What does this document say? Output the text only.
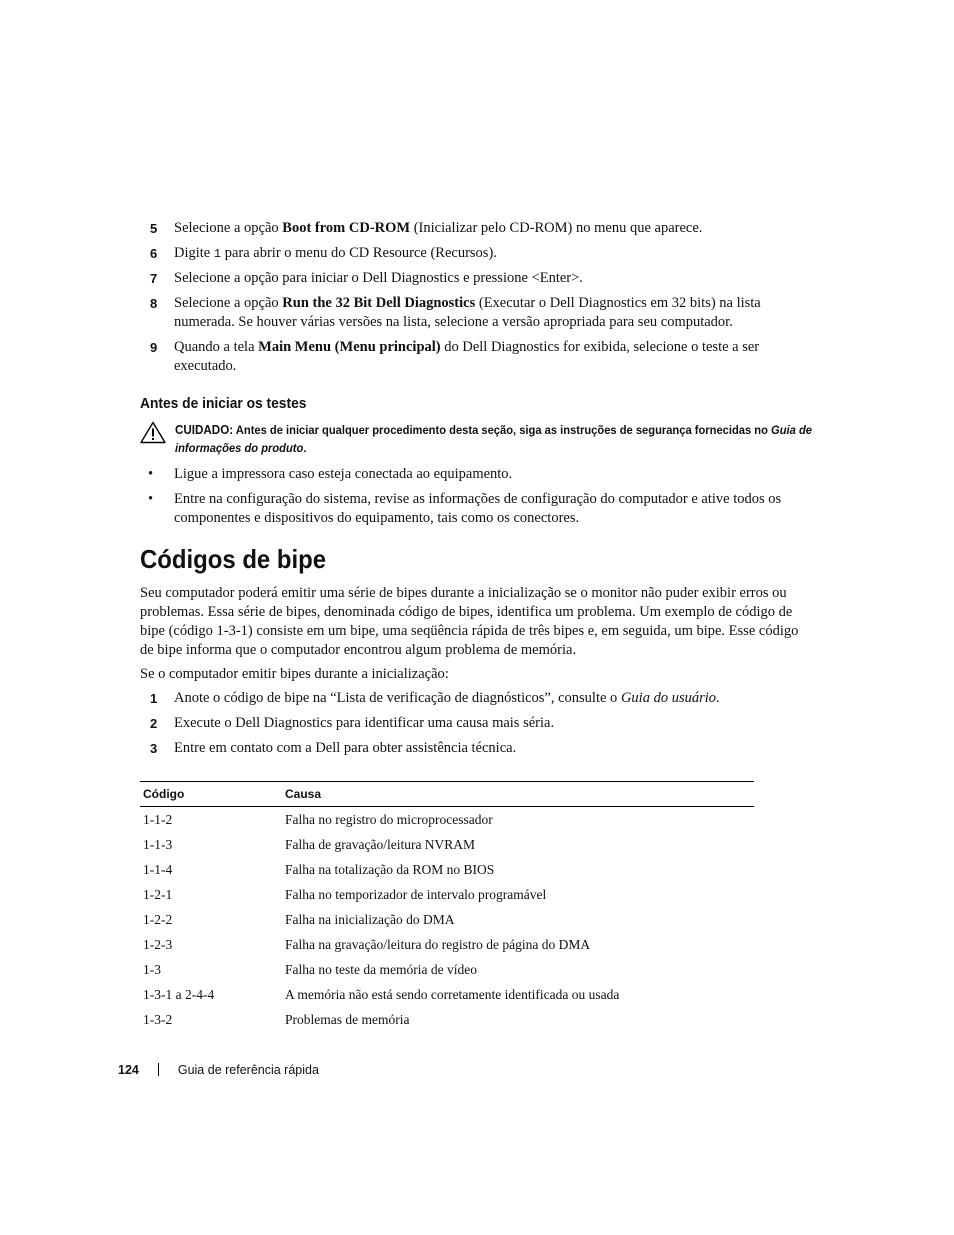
5 Selecione a opção Boot from CD-ROM (Inicializar pelo CD-ROM) no menu que aparece.
6 Digite 1 para abrir o menu do CD Resource (Recursos).
7 Selecione a opção para iniciar o Dell Diagnostics e pressione <Enter>.
8 Selecione a opção Run the 32 Bit Dell Diagnostics (Executar o Dell Diagnostics em 32 bits) na lista numerada. Se houver várias versões na lista, selecione a versão apropriada para seu computador.
9 Quando a tela Main Menu (Menu principal) do Dell Diagnostics for exibida, selecione o teste a ser executado.
Antes de iniciar os testes
CUIDADO: Antes de iniciar qualquer procedimento desta seção, siga as instruções de segurança fornecidas no Guia de informações do produto.
• Ligue a impressora caso esteja conectada ao equipamento.
• Entre na configuração do sistema, revise as informações de configuração do computador e ative todos os componentes e dispositivos do equipamento, tais como os conectores.
Códigos de bipe
Seu computador poderá emitir uma série de bipes durante a inicialização se o monitor não puder exibir erros ou problemas. Essa série de bipes, denominada código de bipes, identifica um problema. Um exemplo de código de bipe (código 1-3-1) consiste em um bipe, uma seqüência rápida de três bipes e, em seguida, um bipe. Esse código de bipe informa que o computador encontrou algum problema de memória.
Se o computador emitir bipes durante a inicialização:
1 Anote o código de bipe na “Lista de verificação de diagnósticos”, consulte o Guia do usuário.
2 Execute o Dell Diagnostics para identificar uma causa mais séria.
3 Entre em contato com a Dell para obter assistência técnica.
Código	Causa
1-1-2	Falha no registro do microprocessador
1-1-3	Falha de gravação/leitura NVRAM
1-1-4	Falha na totalização da ROM no BIOS
1-2-1	Falha no temporizador de intervalo programável
1-2-2	Falha na inicialização do DMA
1-2-3	Falha na gravação/leitura do registro de página do DMA
1-3	Falha no teste da memória de vídeo
1-3-1 a 2-4-4	A memória não está sendo corretamente identificada ou usada
1-3-2	Problemas de memória
124	Guia de referência rápida
